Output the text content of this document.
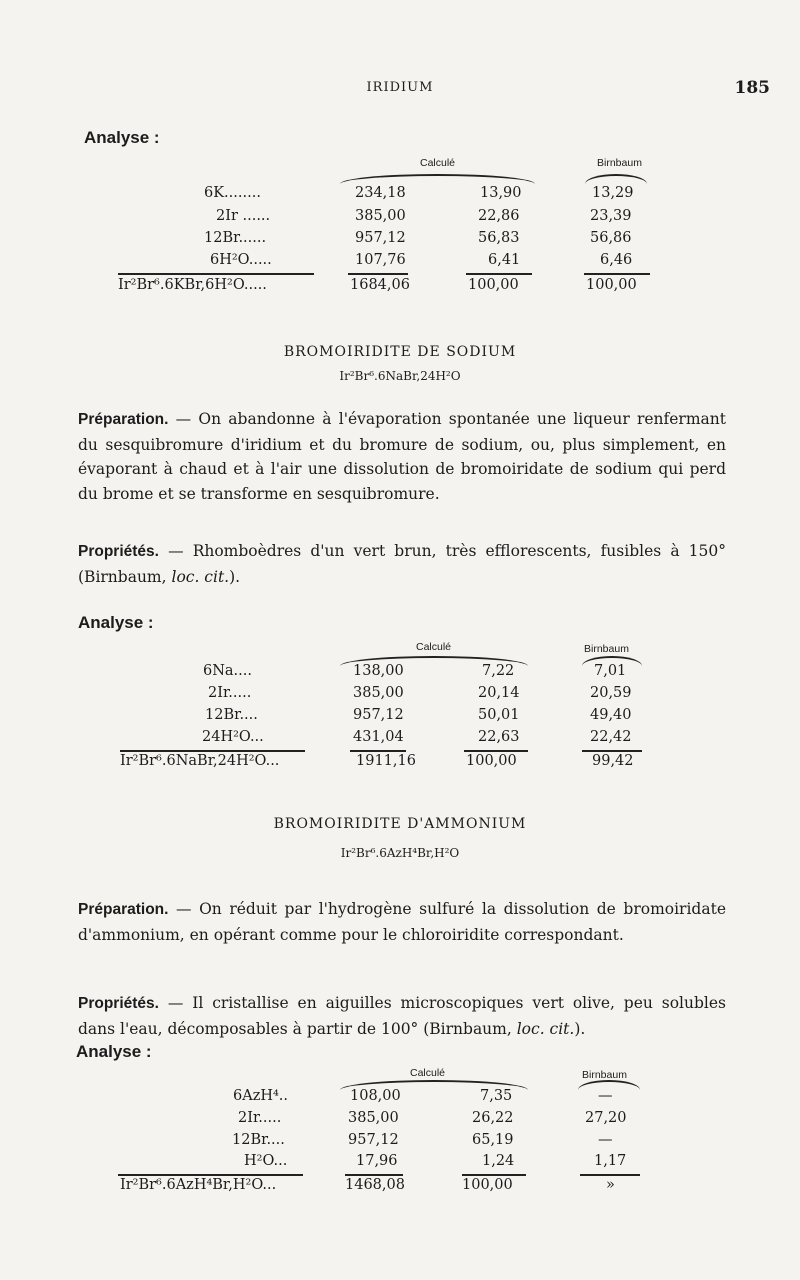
IRIDIUM	185
Analyse :
Calculé	Birnbaum
6K........	234,18	13,90	13,29
2Ir ......	385,00	22,86	23,39
12Br......	957,12	56,83	56,86
6H²O.....	107,76	6,41	6,46
Ir²Br⁶.6KBr,6H²O.....	1684,06	100,00	100,00
BROMOIRIDITE DE SODIUM
Ir²Br⁶.6NaBr,24H²O
Préparation. — On abandonne à l'évaporation spontanée une liqueur renfermant du sesquibromure d'iridium et du bromure de sodium, ou, plus simplement, en évaporant à chaud et à l'air une dissolution de bromoiridate de sodium qui perd du brome et se transforme en sesquibromure.
Propriétés. — Rhomboèdres d'un vert brun, très efflorescents, fusibles à 150° (Birnbaum, loc. cit.).
Analyse :
Calculé	Birnbaum
6Na....	138,00	7,22	7,01
2Ir.....	385,00	20,14	20,59
12Br....	957,12	50,01	49,40
24H²O...	431,04	22,63	22,42
Ir²Br⁶.6NaBr,24H²O...	1911,16	100,00	99,42
BROMOIRIDITE D'AMMONIUM
Ir²Br⁶.6AzH⁴Br,H²O
Préparation. — On réduit par l'hydrogène sulfuré la dissolution de bromoiridate d'ammonium, en opérant comme pour le chloroiridite correspondant.
Propriétés. — Il cristallise en aiguilles microscopiques vert olive, peu solubles dans l'eau, décomposables à partir de 100° (Birnbaum, loc. cit.).
Analyse :
Calculé	Birnbaum
6AzH⁴..	108,00	7,35	—
2Ir.....	385,00	26,22	27,20
12Br....	957,12	65,19	—
H²O...	17,96	1,24	1,17
Ir²Br⁶.6AzH⁴Br,H²O...	1468,08	100,00	»
